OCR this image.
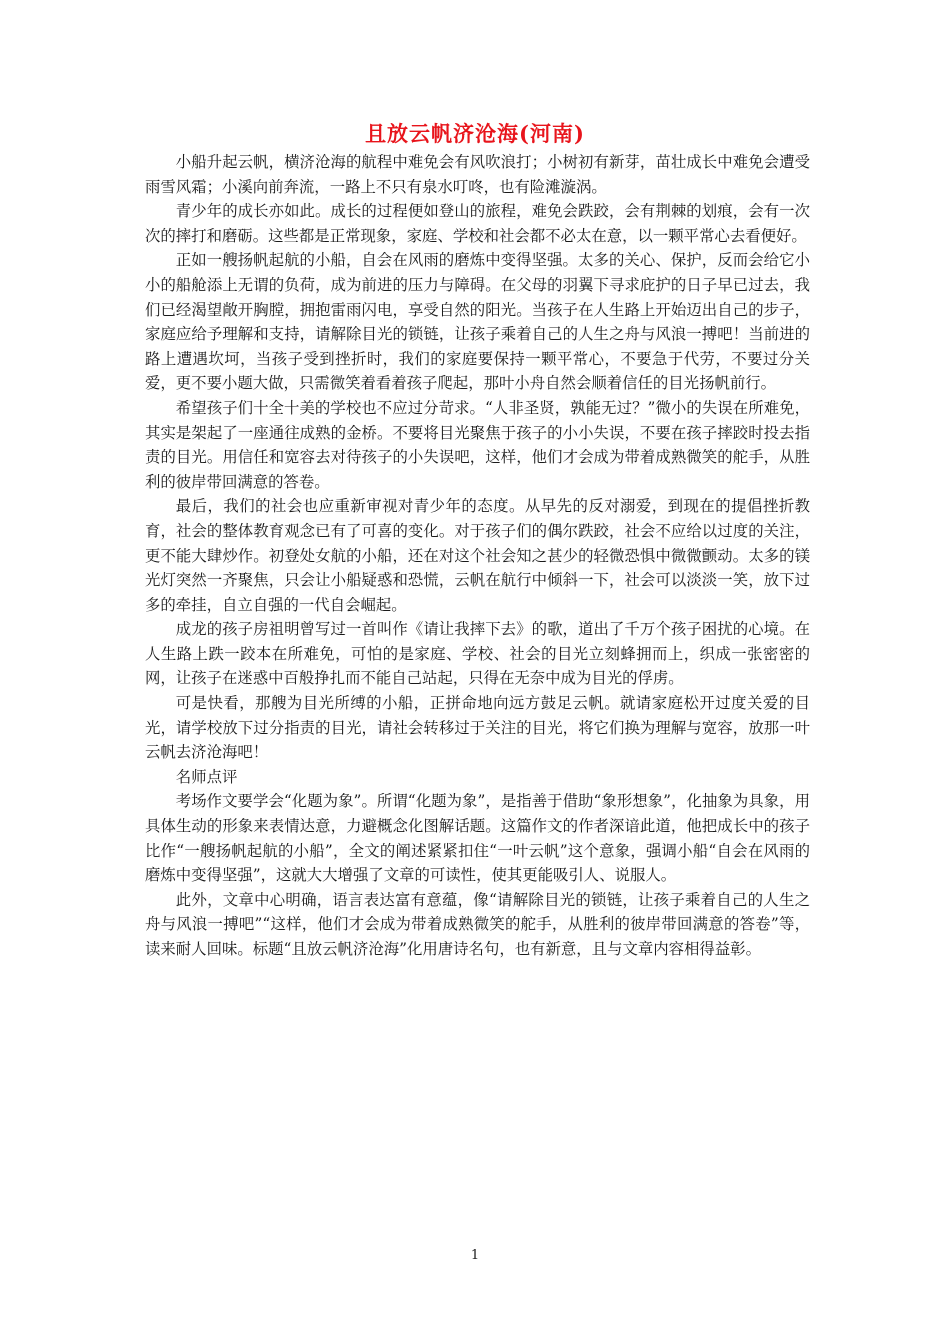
且放云帆济沧海(河南)

小船升起云帆，横济沧海的航程中难免会有风吹浪打；小树初有新芽，苗壮成长中难免会遭受雨雪风霜；小溪向前奔流，一路上不只有泉水叮咚，也有险滩漩涡。

青少年的成长亦如此。成长的过程便如登山的旅程，难免会跌跤，会有荆棘的划痕，会有一次次的摔打和磨砺。这些都是正常现象，家庭、学校和社会都不必太在意，以一颗平常心去看便好。

正如一艘扬帆起航的小船，自会在风雨的磨炼中变得坚强。太多的关心、保护，反而会给它小小的船舱添上无谓的负荷，成为前进的压力与障碍。在父母的羽翼下寻求庇护的日子早已过去，我们已经渴望敞开胸膛，拥抱雷雨闪电，享受自然的阳光。当孩子在人生路上开始迈出自己的步子，家庭应给予理解和支持，请解除目光的锁链，让孩子乘着自己的人生之舟与风浪一搏吧！当前进的路上遭遇坎坷，当孩子受到挫折时，我们的家庭要保持一颗平常心，不要急于代劳，不要过分关爱，更不要小题大做，只需微笑着看着孩子爬起，那叶小舟自然会顺着信任的目光扬帆前行。

希望孩子们十全十美的学校也不应过分苛求。“人非圣贤，孰能无过？”微小的失误在所难免，其实是架起了一座通往成熟的金桥。不要将目光聚焦于孩子的小小失误，不要在孩子摔跤时投去指责的目光。用信任和宽容去对待孩子的小失误吧，这样，他们才会成为带着成熟微笑的舵手，从胜利的彼岸带回满意的答卷。

最后，我们的社会也应重新审视对青少年的态度。从早先的反对溺爱，到现在的提倡挫折教育，社会的整体教育观念已有了可喜的变化。对于孩子们的偶尔跌跤，社会不应给以过度的关注，更不能大肆炒作。初登处女航的小船，还在对这个社会知之甚少的轻微恐惧中微微颤动。太多的镁光灯突然一齐聚焦，只会让小船疑惑和恐慌，云帆在航行中倾斜一下，社会可以淡淡一笑，放下过多的牵挂，自立自强的一代自会崛起。

成龙的孩子房祖明曾写过一首叫作《请让我摔下去》的歌，道出了千万个孩子困扰的心境。在人生路上跌一跤本在所难免，可怕的是家庭、学校、社会的目光立刻蜂拥而上，织成一张密密的网，让孩子在迷惑中百般挣扎而不能自己站起，只得在无奈中成为目光的俘虏。

可是快看，那艘为目光所缚的小船，正拼命地向远方鼓足云帆。就请家庭松开过度关爱的目光，请学校放下过分指责的目光，请社会转移过于关注的目光，将它们换为理解与宽容，放那一叶云帆去济沧海吧！

名师点评

考场作文要学会“化题为象”。所谓“化题为象”，是指善于借助“象形想象”，化抽象为具象，用具体生动的形象来表情达意，力避概念化图解话题。这篇作文的作者深谙此道，他把成长中的孩子比作“一艘扬帆起航的小船”，全文的阐述紧紧扣住“一叶云帆”这个意象，强调小船“自会在风雨的磨炼中变得坚强”，这就大大增强了文章的可读性，使其更能吸引人、说服人。

此外，文章中心明确，语言表达富有意蕴，像“请解除目光的锁链，让孩子乘着自己的人生之舟与风浪一搏吧”“这样，他们才会成为带着成熟微笑的舵手，从胜利的彼岸带回满意的答卷”等，读来耐人回味。标题“且放云帆济沧海”化用唐诗名句，也有新意，且与文章内容相得益彰。

1
